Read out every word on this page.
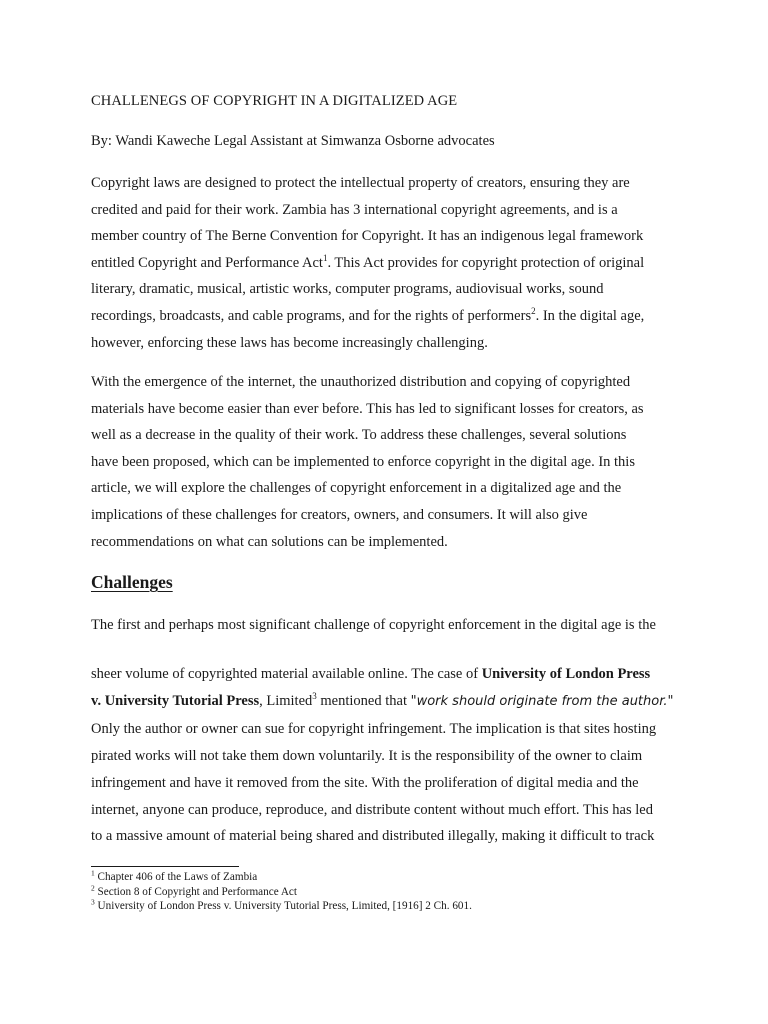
CHALLENEGS OF COPYRIGHT IN A DIGITALIZED AGE
By: Wandi Kaweche Legal Assistant at Simwanza Osborne advocates
Copyright laws are designed to protect the intellectual property of creators, ensuring they are
credited and paid for their work. Zambia has 3 international copyright agreements, and is a
member country of The Berne Convention for Copyright. It has an indigenous legal framework
entitled Copyright and Performance Act$^1$. This Act provides for copyright protection of original
literary, dramatic, musical, artistic works, computer programs, audiovisual works, sound
recordings, broadcasts, and cable programs, and for the rights of performers$^2$. In the digital age,
however, enforcing these laws has become increasingly challenging.
With the emergence of the internet, the unauthorized distribution and copying of copyrighted
materials have become easier than ever before. This has led to significant losses for creators, as
well as a decrease in the quality of their work. To address these challenges, several solutions
have been proposed, which can be implemented to enforce copyright in the digital age. In this
article, we will explore the challenges of copyright enforcement in a digitalized age and the
implications of these challenges for creators, owners, and consumers. It will also give
recommendations on what can solutions can be implemented.
Challenges
The first and perhaps most significant challenge of copyright enforcement in the digital age is the
sheer volume of copyrighted material available online. The case of University of London Press
v. University Tutorial Press, Limited$^3$ mentioned that "work should originate from the author."
Only the author or owner can sue for copyright infringement. The implication is that sites hosting
pirated works will not take them down voluntarily. It is the responsibility of the owner to claim
infringement and have it removed from the site. With the proliferation of digital media and the
internet, anyone can produce, reproduce, and distribute content without much effort. This has led
to a massive amount of material being shared and distributed illegally, making it difficult to track
$^1$ Chapter 406 of the Laws of Zambia
$^2$ Section 8 of Copyright and Performance Act
$^3$ University of London Press v. University Tutorial Press, Limited, [1916] 2 Ch. 601.
